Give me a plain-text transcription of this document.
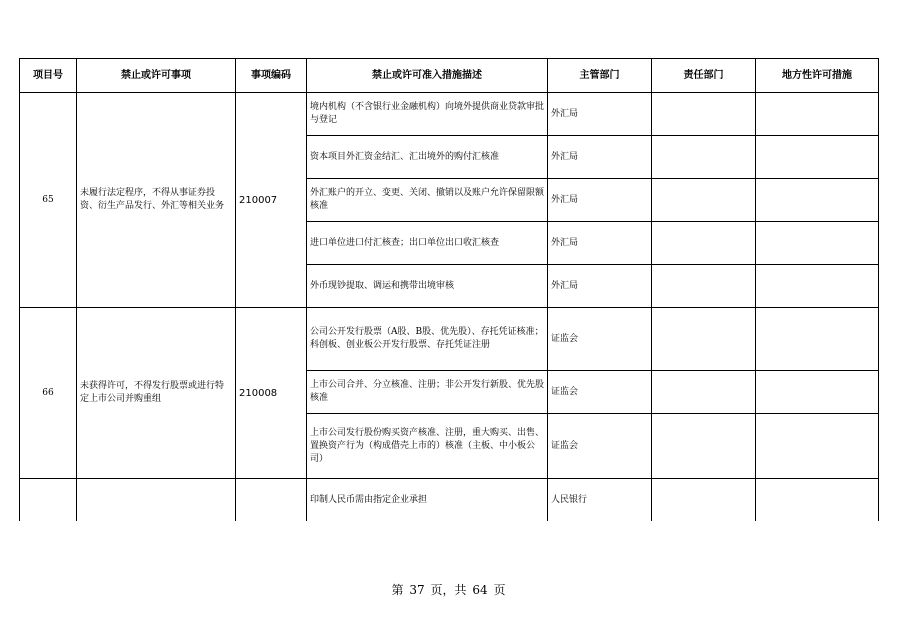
项目号	禁止或许可事项	事项编码	禁止或许可准入措施描述	主管部门	责任部门	地方性许可措施
65	未履行法定程序，不得从事证券投资、衍生产品发行、外汇等相关业务	210007	境内机构（不含银行业金融机构）向境外提供商业贷款审批与登记	外汇局		
			资本项目外汇资金结汇、汇出境外的购付汇核准	外汇局		
			外汇账户的开立、变更、关闭、撤销以及账户允许保留限额核准	外汇局		
			进口单位进口付汇核查；出口单位出口收汇核查	外汇局		
			外币现钞提取、调运和携带出境审核	外汇局		
66	未获得许可，不得发行股票或进行特定上市公司并购重组	210008	公司公开发行股票（A股、B股、优先股）、存托凭证核准；科创板、创业板公开发行股票、存托凭证注册	证监会		
			上市公司合并、分立核准、注册；非公开发行新股、优先股核准	证监会		
			上市公司发行股份购买资产核准、注册，重大购买、出售、置换资产行为（构成借壳上市的）核准（主板、中小板公司）	证监会		
			印制人民币需由指定企业承担	人民银行		
第 37 页，共 64 页
